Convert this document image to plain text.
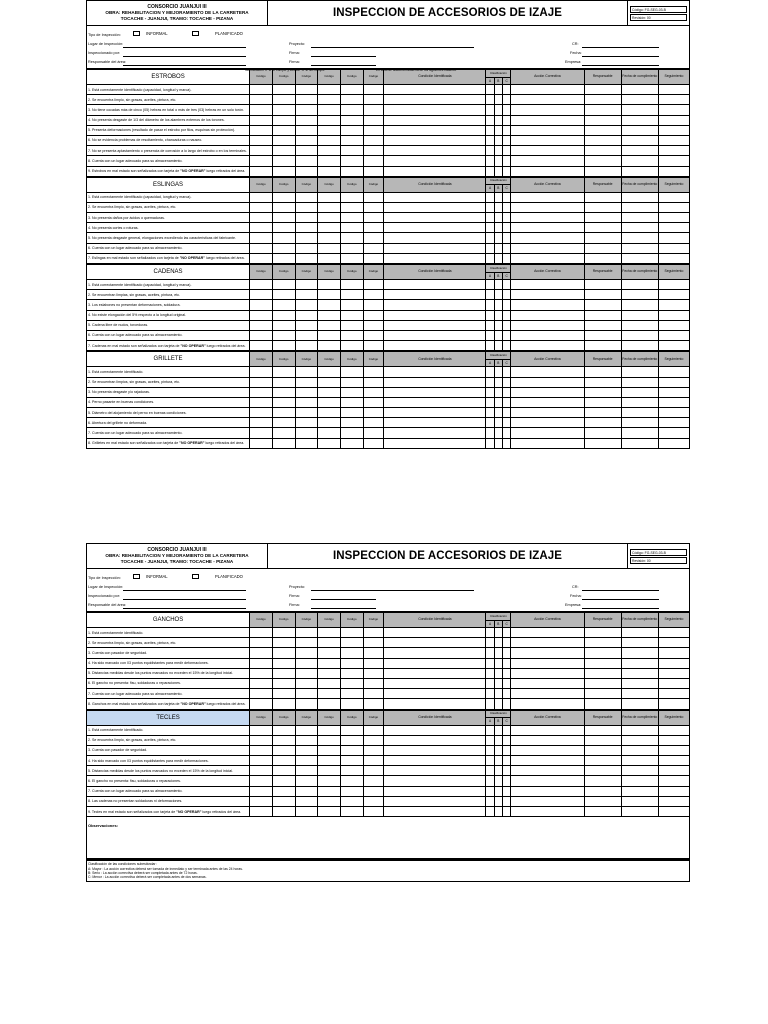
CONSORCIO JUANJUI III
OBRA: REHABILITACION Y MEJORAMIENTO DE LA CARRETERA
TOCACHE - JUANJUI, TRAMO: TOCACHE - PIZANA	INSPECCION DE ACCESORIOS DE IZAJE	Código: FG-SEG-03-B
Revisión: 00
Tipo de Inspección:	INFORMAL	PLANIFICADO
Lugar de Inspección:	Proyecto:	CR:
Inspeccionado por:	Firma:	Fecha:
Responsable del área:	Firma:	Empresa:
Identificación 'X' si se cumple y colocar 'O' si NO cumple	En caso de disconformidad llenar los siguientes cuadros:
ESTROBOS	Código	Código	Código	Código	Código	Código	Condición Identificada	Clasificación			Acción Correctiva	Responsable	Fecha de cumplimiento	Seguimiento
								A	B	C				
1. Está correctamente identificado (capacidad, longitud y marca).														
2. Se encuentra limpio, sin grasas, aceites, pintura, etc.														
3. No tiene cocadas más de cinco (05) hebras en total o más de tres (03) hebras en un solo torón.														
4. No presenta desgaste de 1/3 del diámetro de los alambres externos de los torones.														
5. Presenta deformaciones (resultado de pasar el estrobo por filos, esquinas sin protección).														
6. No se evidencia problemas de resoltamiento, chancaduras o nauseo.														
7. No se presenta aplastamiento o presencia de corrosión a lo largo del estrobo o en los terminales.														
8. Cuenta con un lugar adecuado para su almacenamiento.														
9. Estrobos en mal estado son señalizados con tarjeta de "NO OPERAR" luego retirados del área.														
ESLINGAS	Código	Código	Código	Código	Código	Código	Condición Identificada	Clasificación			Acción Correctiva	Responsable	Fecha de cumplimiento	Seguimiento
								A	B	C				
1. Está correctamente identificado (capacidad, longitud y marca).														
2. Se encuentra limpio, sin grasas, aceites, pintura, etc.														
3. No presenta daños por ácidos o quemaduras.														
4. No presenta cortes o roturas.														
5. No presenta desgaste general, elongaciones excediendo las características del fabricante.														
6. Cuenta con un lugar adecuado para su almacenamiento.														
7. Eslingas en mal estado son señalizados con tarjeta de "NO OPERAR" luego retirados del área.														
CADENAS	Código	Código	Código	Código	Código	Código	Condición Identificada	Clasificación			Acción Correctiva	Responsable	Fecha de cumplimiento	Seguimiento
								A	B	C				
1. Está correctamente identificado (capacidad, longitud y marca).														
2. Se encuentran limpias, sin grasas, aceites, pintura, etc.														
3. Los eslabones no presentan deformaciones, soldadura.														
4. No existe elongación del 5% respecto a la longitud original.														
5. Cadena libre de nudos, torceduras.														
6. Cuenta con un lugar adecuado para su almacenamiento.														
7. Cadenas en mal estado son señalizados con tarjeta de "NO OPERAR" luego retirados del área.														
GRILLETE	Código	Código	Código	Código	Código	Código	Condición Identificada	Clasificación			Acción Correctiva	Responsable	Fecha de cumplimiento	Seguimiento
								A	B	C				
1. Está correctamente identificado.														
2. Se encuentran limpios, sin grasas, aceites, pintura, etc.														
3. No presenta desgaste y/o rajaduras.														
4. Perno pasante en buenas condiciones.														
5. Diámetro del alojamiento del perno en buenas condiciones.														
6. Abertura del grillete no deformada.														
7. Cuenta con un lugar adecuado para su almacenamiento.														
8. Grilletes en mal estado son señalizados con tarjeta de "NO OPERAR" luego retirados del área.														
CONSORCIO JUANJUI III
OBRA: REHABILITACION Y MEJORAMIENTO DE LA CARRETERA
TOCACHE - JUANJUI, TRAMO: TOCACHE - PIZANA	INSPECCION DE ACCESORIOS DE IZAJE	Código: FG-SEG-03-B
Revisión: 00
Tipo de Inspección:	INFORMAL	PLANIFICADO
Lugar de Inspección:	Proyecto:	CR:
Inspeccionado por:	Firma:	Fecha:
Responsable del área:	Firma:	Empresa:
GANCHOS	Código	Código	Código	Código	Código	Código	Condición Identificada	Clasificación			Acción Correctiva	Responsable	Fecha de cumplimiento	Seguimiento
								A	B	C				
1. Está correctamente identificado.														
2. Se encuentra limpio, sin grasas, aceites, pintura, etc.														
3. Cuenta con pasador de seguridad.														
4. Ha sido marcado con 03 puntos equidistantes para medir deformaciones.														
5. Distancias medidas desde los puntos marcados no exceden el 15% de la longitud inicial.														
6. El gancho no presenta: fisu, soldaduras o reparaciones.														
7. Cuenta con un lugar adecuado para su almacenamiento.														
8. Ganchos en mal estado son señalizados con tarjeta de "NO OPERAR" luego retirados del área.														
TECLES	Código	Código	Código	Código	Código	Código	Condición Identificada	Clasificación			Acción Correctiva	Responsable	Fecha de cumplimiento	Seguimiento
								A	B	C				
1. Está correctamente identificado.														
2. Se encuentra limpio, sin grasas, aceites, pintura, etc.														
3. Cuenta con pasador de seguridad.														
4. Ha sido marcado con 03 puntos equidistantes para medir deformaciones.														
5. Distancias medidas desde los puntos marcados no exceden el 15% de la longitud inicial.														
6. El gancho no presenta: fisu, soldaduras o reparaciones.														
7. Cuenta con un lugar adecuado para su almacenamiento.														
8. Las cadenas no presentan soldaduras ni deformaciones.														
9. Tecles en mal estado son señalizados con tarjeta de "NO OPERAR" luego retirados del área.														
Observaciones:
Clasificación de las condiciones subestándar :
A: Mayor : La acción correctiva deberá ser tomada de inmediato y ser terminada antes de las 24 horas.
B: Serio : La acción correctiva deberá ser completada antes de 72 horas.
C: Menor : La acción correctiva deberá ser completada antes de dos semanas.
